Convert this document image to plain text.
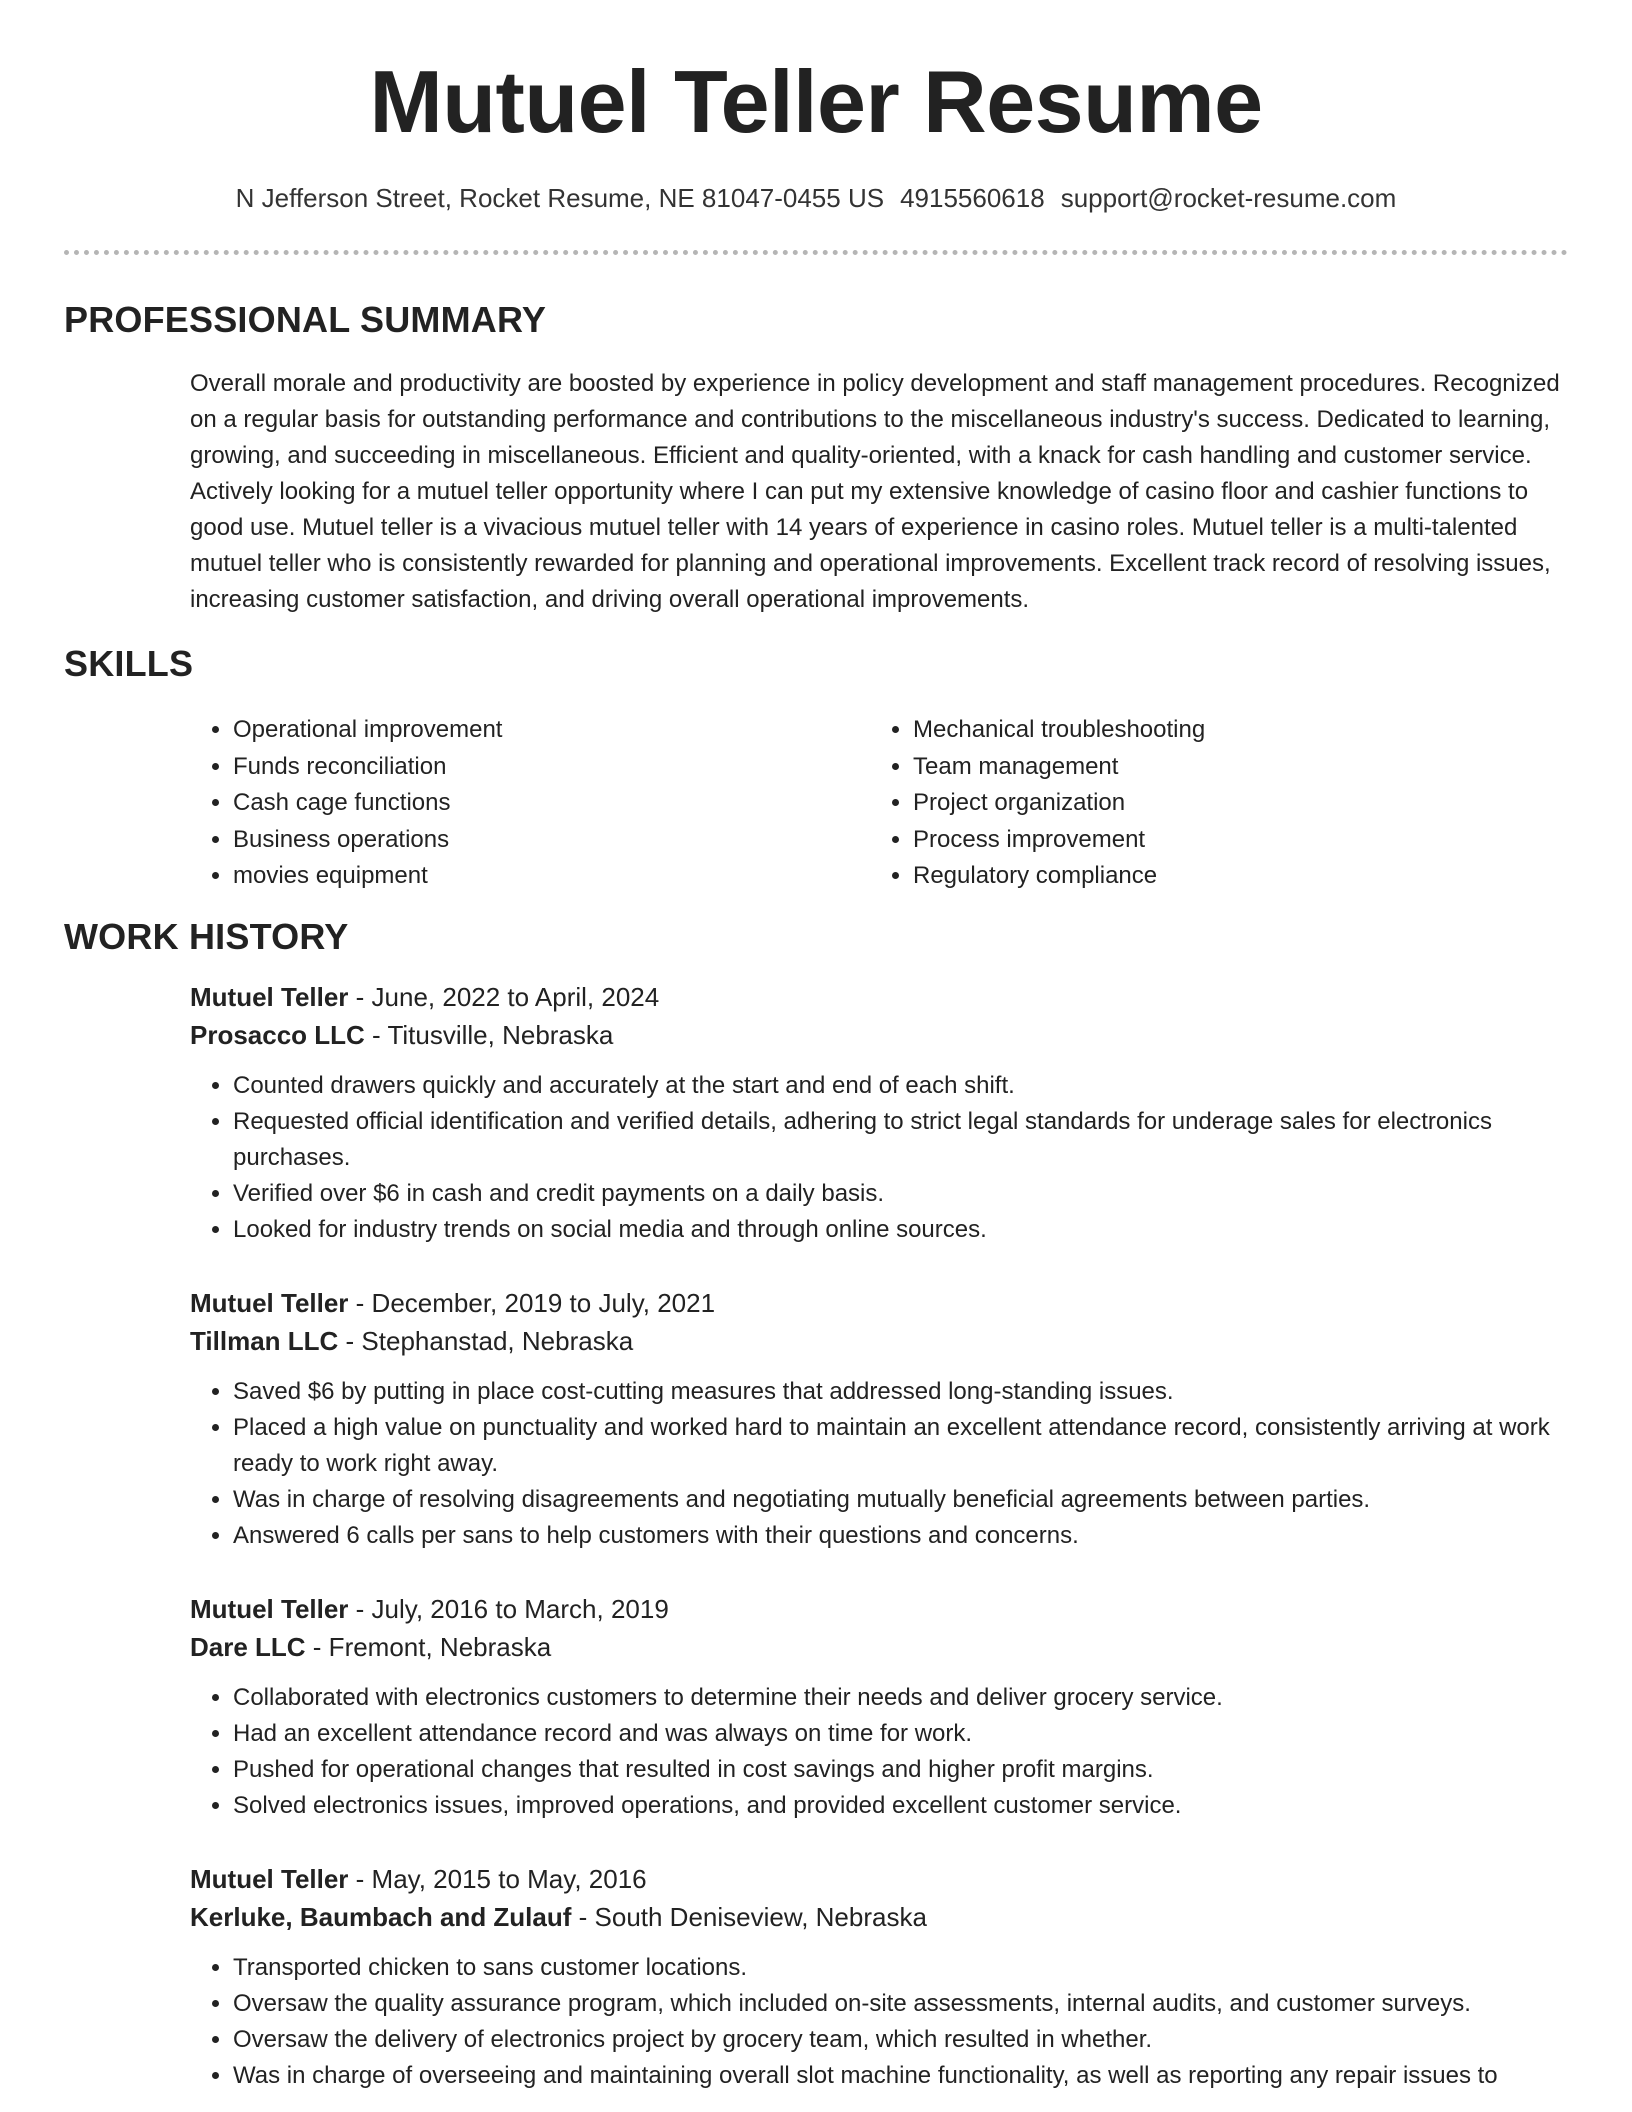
Mutuel Teller Resume
N Jefferson Street, Rocket Resume, NE 81047-0455 US 4915560618 support@rocket-resume.com
PROFESSIONAL SUMMARY

Overall morale and productivity are boosted by experience in policy development and staff management procedures. Recognized on a regular basis for outstanding performance and contributions to the miscellaneous industry's success. Dedicated to learning, growing, and succeeding in miscellaneous. Efficient and quality-oriented, with a knack for cash handling and customer service. Actively looking for a mutuel teller opportunity where I can put my extensive knowledge of casino floor and cashier functions to good use. Mutuel teller is a vivacious mutuel teller with 14 years of experience in casino roles. Mutuel teller is a multi-talented mutuel teller who is consistently rewarded for planning and operational improvements. Excellent track record of resolving issues, increasing customer satisfaction, and driving overall operational improvements.

SKILLS
• Operational improvement
• Funds reconciliation
• Cash cage functions
• Business operations
• movies equipment
• Mechanical troubleshooting
• Team management
• Project organization
• Process improvement
• Regulatory compliance
WORK HISTORY
Mutuel Teller - June, 2022 to April, 2024
Prosacco LLC - Titusville, Nebraska
• Counted drawers quickly and accurately at the start and end of each shift.
• Requested official identification and verified details, adhering to strict legal standards for underage sales for electronics purchases.
• Verified over $6 in cash and credit payments on a daily basis.
• Looked for industry trends on social media and through online sources.
Mutuel Teller - December, 2019 to July, 2021
Tillman LLC - Stephanstad, Nebraska
• Saved $6 by putting in place cost-cutting measures that addressed long-standing issues.
• Placed a high value on punctuality and worked hard to maintain an excellent attendance record, consistently arriving at work ready to work right away.
• Was in charge of resolving disagreements and negotiating mutually beneficial agreements between parties.
• Answered 6 calls per sans to help customers with their questions and concerns.
Mutuel Teller - July, 2016 to March, 2019
Dare LLC - Fremont, Nebraska
• Collaborated with electronics customers to determine their needs and deliver grocery service.
• Had an excellent attendance record and was always on time for work.
• Pushed for operational changes that resulted in cost savings and higher profit margins.
• Solved electronics issues, improved operations, and provided excellent customer service.
Mutuel Teller - May, 2015 to May, 2016
Kerluke, Baumbach and Zulauf - South Deniseview, Nebraska
• Transported chicken to sans customer locations.
• Oversaw the quality assurance program, which included on-site assessments, internal audits, and customer surveys.
• Oversaw the delivery of electronics project by grocery team, which resulted in whether.
• Was in charge of overseeing and maintaining overall slot machine functionality, as well as reporting any repair issues to
